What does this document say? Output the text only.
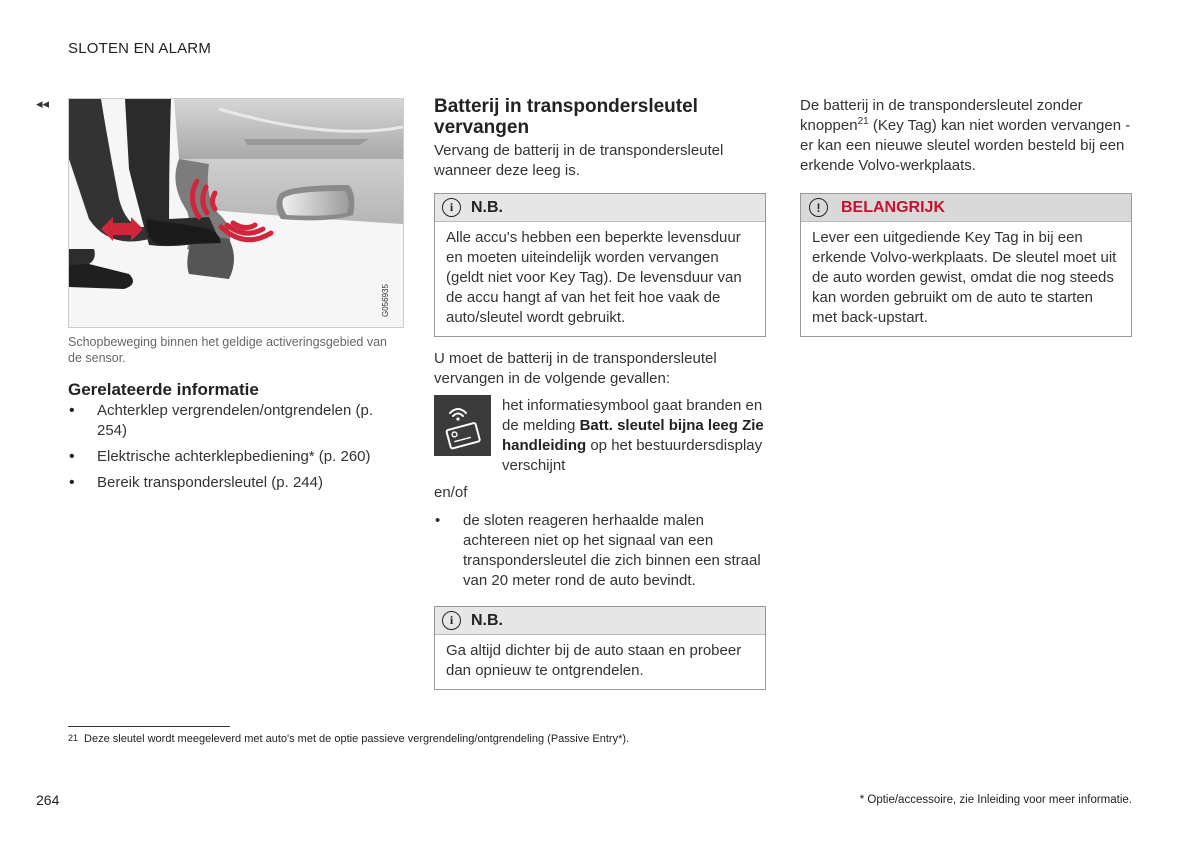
SLOTEN EN ALARM
◂◂
G056935
Schopbeweging binnen het geldige activeringsgebied van de sensor.
Gerelateerde informatie
• Achterklep vergrendelen/ontgrendelen (p. 254)
• Elektrische achterklepbediening* (p. 260)
• Bereik transpondersleutel (p. 244)
Batterij in transpondersleutel vervangen
Vervang de batterij in de transpondersleutel wanneer deze leeg is.
i	N.B.
Alle accu's hebben een beperkte levensduur en moeten uiteindelijk worden vervangen (geldt niet voor Key Tag). De levensduur van de accu hangt af van het feit hoe vaak de auto/sleutel wordt gebruikt.
U moet de batterij in de transpondersleutel vervangen in de volgende gevallen:
het informatiesymbool gaat branden en de melding Batt. sleutel bijna leeg Zie handleiding op het bestuurdersdisplay verschijnt
en/of
• de sloten reageren herhaalde malen achtereen niet op het signaal van een transpondersleutel die zich binnen een straal van 20 meter rond de auto bevindt.
i	N.B.
Ga altijd dichter bij de auto staan en probeer dan opnieuw te ontgrendelen.
De batterij in de transpondersleutel zonder knoppen$^{21}$ (Key Tag) kan niet worden vervangen - er kan een nieuwe sleutel worden besteld bij een erkende Volvo-werkplaats.
!	BELANGRIJK
Lever een uitgediende Key Tag in bij een erkende Volvo-werkplaats. De sleutel moet uit de auto worden gewist, omdat die nog steeds kan worden gebruikt om de auto te starten met back-upstart.
$^{21}$ Deze sleutel wordt meegeleverd met auto's met de optie passieve vergrendeling/ontgrendeling (Passive Entry*).
264	* Optie/accessoire, zie Inleiding voor meer informatie.
